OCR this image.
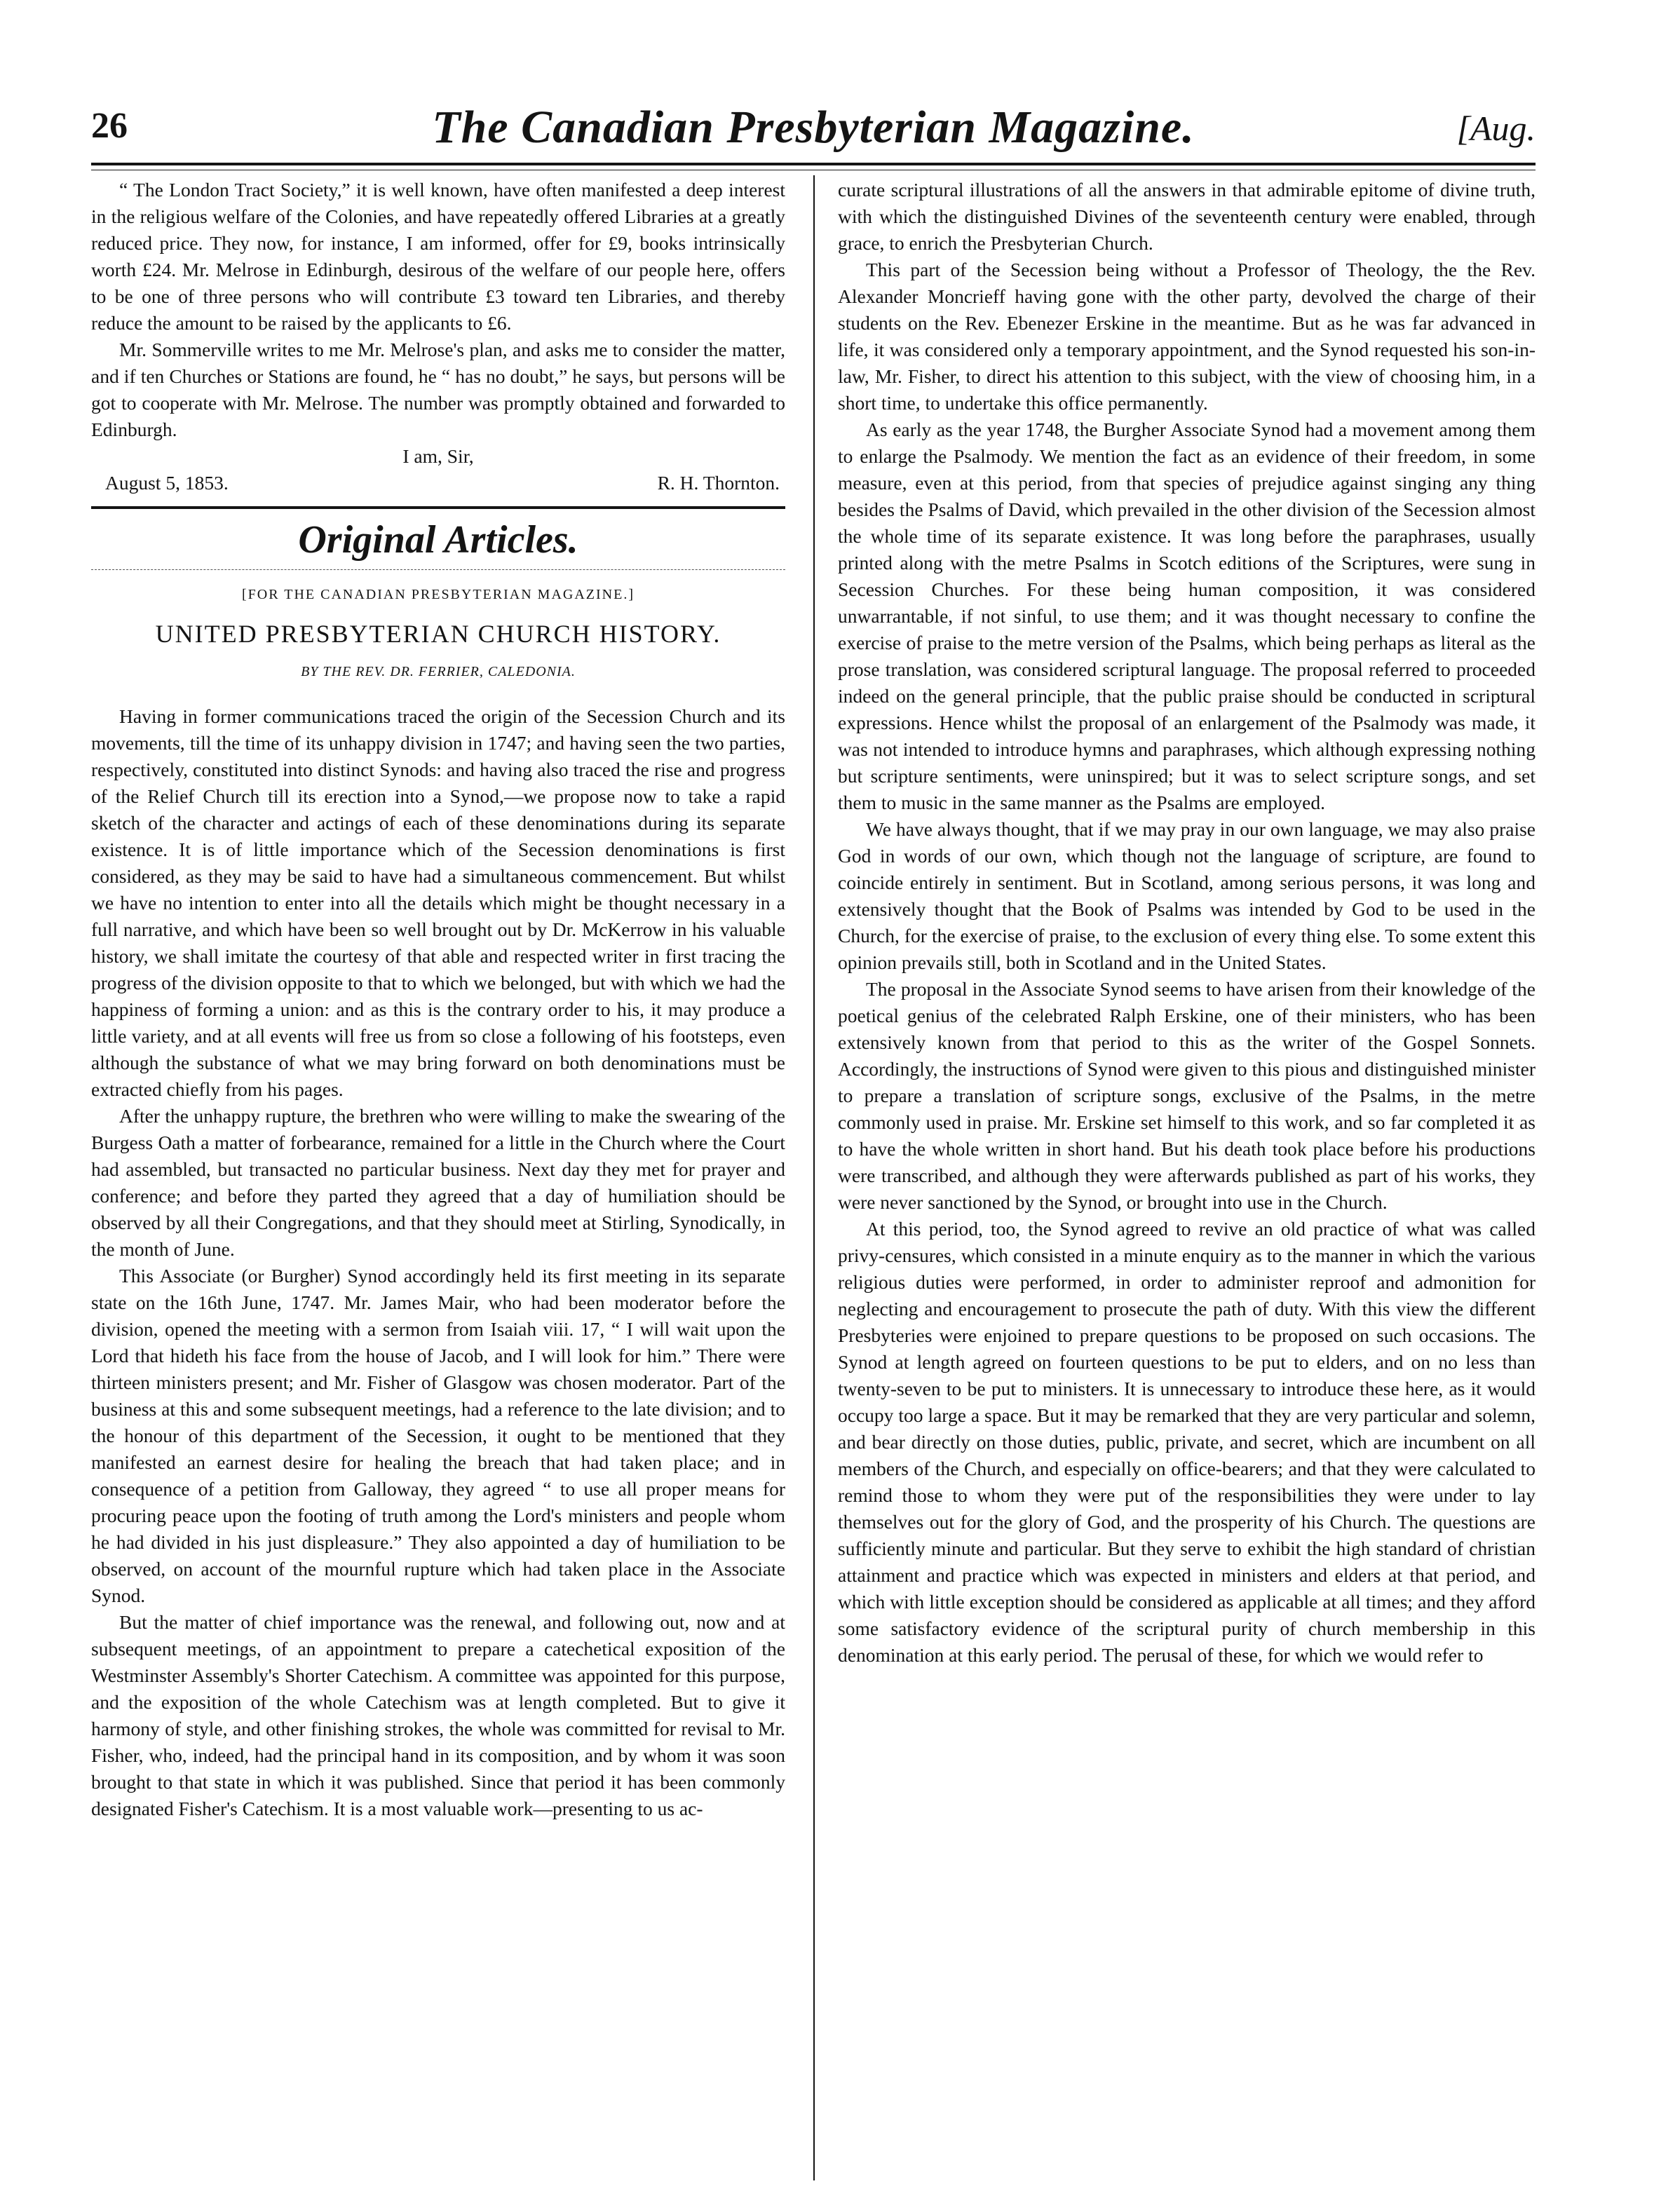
26	The Canadian Presbyterian Magazine.	[Aug.

“ The London Tract Society,” it is well known, have often manifested a deep interest in the religious welfare of the Colonies, and have repeatedly offered Libraries at a greatly reduced price. They now, for instance, I am informed, offer for £9, books intrinsically worth £24. Mr. Melrose in Edinburgh, desirous of the welfare of our people here, offers to be one of three persons who will contribute £3 toward ten Libraries, and thereby reduce the amount to be raised by the applicants to £6.

Mr. Sommerville writes to me Mr. Melrose's plan, and asks me to consider the matter, and if ten Churches or Stations are found, he “ has no doubt,” he says, but persons will be got to cooperate with Mr. Melrose. The number was promptly obtained and forwarded to Edinburgh.

I am, Sir,

August 5, 1853.	R. H. Thornton.
Original Articles.
[FOR THE CANADIAN PRESBYTERIAN MAGAZINE.]
UNITED PRESBYTERIAN CHURCH HISTORY.
BY THE REV. DR. FERRIER, CALEDONIA.

Having in former communications traced the origin of the Secession Church and its movements, till the time of its unhappy division in 1747; and having seen the two parties, respectively, constituted into distinct Synods: and having also traced the rise and progress of the Relief Church till its erection into a Synod,—we propose now to take a rapid sketch of the character and actings of each of these denominations during its separate existence. It is of little importance which of the Secession denominations is first considered, as they may be said to have had a simultaneous commencement. But whilst we have no intention to enter into all the details which might be thought necessary in a full narrative, and which have been so well brought out by Dr. McKerrow in his valuable history, we shall imitate the courtesy of that able and respected writer in first tracing the progress of the division opposite to that to which we belonged, but with which we had the happiness of forming a union: and as this is the contrary order to his, it may produce a little variety, and at all events will free us from so close a following of his footsteps, even although the substance of what we may bring forward on both denominations must be extracted chiefly from his pages.

After the unhappy rupture, the brethren who were willing to make the swearing of the Burgess Oath a matter of forbearance, remained for a little in the Church where the Court had assembled, but transacted no particular business. Next day they met for prayer and conference; and before they parted they agreed that a day of humiliation should be observed by all their Congregations, and that they should meet at Stirling, Synodically, in the month of June.

This Associate (or Burgher) Synod accordingly held its first meeting in its separate state on the 16th June, 1747. Mr. James Mair, who had been moderator before the division, opened the meeting with a sermon from Isaiah viii. 17, “ I will wait upon the Lord that hideth his face from the house of Jacob, and I will look for him.” There were thirteen ministers present; and Mr. Fisher of Glasgow was chosen moderator. Part of the business at this and some subsequent meetings, had a reference to the late division; and to the honour of this department of the Secession, it ought to be mentioned that they manifested an earnest desire for healing the breach that had taken place; and in consequence of a petition from Galloway, they agreed “ to use all proper means for procuring peace upon the footing of truth among the Lord's ministers and people whom he had divided in his just displeasure.” They also appointed a day of humiliation to be observed, on account of the mournful rupture which had taken place in the Associate Synod.

But the matter of chief importance was the renewal, and following out, now and at subsequent meetings, of an appointment to prepare a catechetical exposition of the Westminster Assembly's Shorter Catechism. A committee was appointed for this purpose, and the exposition of the whole Catechism was at length completed. But to give it harmony of style, and other finishing strokes, the whole was committed for revisal to Mr. Fisher, who, indeed, had the principal hand in its composition, and by whom it was soon brought to that state in which it was published. Since that period it has been commonly designated Fisher's Catechism. It is a most valuable work—presenting to us ac-

curate scriptural illustrations of all the answers in that admirable epitome of divine truth, with which the distinguished Divines of the seventeenth century were enabled, through grace, to enrich the Presbyterian Church.

This part of the Secession being without a Professor of Theology, the the Rev. Alexander Moncrieff having gone with the other party, devolved the charge of their students on the Rev. Ebenezer Erskine in the meantime. But as he was far advanced in life, it was considered only a temporary appointment, and the Synod requested his son-in-law, Mr. Fisher, to direct his attention to this subject, with the view of choosing him, in a short time, to undertake this office permanently.

As early as the year 1748, the Burgher Associate Synod had a movement among them to enlarge the Psalmody. We mention the fact as an evidence of their freedom, in some measure, even at this period, from that species of prejudice against singing any thing besides the Psalms of David, which prevailed in the other division of the Secession almost the whole time of its separate existence. It was long before the paraphrases, usually printed along with the metre Psalms in Scotch editions of the Scriptures, were sung in Secession Churches. For these being human composition, it was considered unwarrantable, if not sinful, to use them; and it was thought necessary to confine the exercise of praise to the metre version of the Psalms, which being perhaps as literal as the prose translation, was considered scriptural language. The proposal referred to proceeded indeed on the general principle, that the public praise should be conducted in scriptural expressions. Hence whilst the proposal of an enlargement of the Psalmody was made, it was not intended to introduce hymns and paraphrases, which although expressing nothing but scripture sentiments, were uninspired; but it was to select scripture songs, and set them to music in the same manner as the Psalms are employed.

We have always thought, that if we may pray in our own language, we may also praise God in words of our own, which though not the language of scripture, are found to coincide entirely in sentiment. But in Scotland, among serious persons, it was long and extensively thought that the Book of Psalms was intended by God to be used in the Church, for the exercise of praise, to the exclusion of every thing else. To some extent this opinion prevails still, both in Scotland and in the United States.

The proposal in the Associate Synod seems to have arisen from their knowledge of the poetical genius of the celebrated Ralph Erskine, one of their ministers, who has been extensively known from that period to this as the writer of the Gospel Sonnets. Accordingly, the instructions of Synod were given to this pious and distinguished minister to prepare a translation of scripture songs, exclusive of the Psalms, in the metre commonly used in praise. Mr. Erskine set himself to this work, and so far completed it as to have the whole written in short hand. But his death took place before his productions were transcribed, and although they were afterwards published as part of his works, they were never sanctioned by the Synod, or brought into use in the Church.

At this period, too, the Synod agreed to revive an old practice of what was called privy-censures, which consisted in a minute enquiry as to the manner in which the various religious duties were performed, in order to administer reproof and admonition for neglecting and encouragement to prosecute the path of duty. With this view the different Presbyteries were enjoined to prepare questions to be proposed on such occasions. The Synod at length agreed on fourteen questions to be put to elders, and on no less than twenty-seven to be put to ministers. It is unnecessary to introduce these here, as it would occupy too large a space. But it may be remarked that they are very particular and solemn, and bear directly on those duties, public, private, and secret, which are incumbent on all members of the Church, and especially on office-bearers; and that they were calculated to remind those to whom they were put of the responsibilities they were under to lay themselves out for the glory of God, and the prosperity of his Church. The questions are sufficiently minute and particular. But they serve to exhibit the high standard of christian attainment and practice which was expected in ministers and elders at that period, and which with little exception should be considered as applicable at all times; and they afford some satisfactory evidence of the scriptural purity of church membership in this denomination at this early period. The perusal of these, for which we would refer to
